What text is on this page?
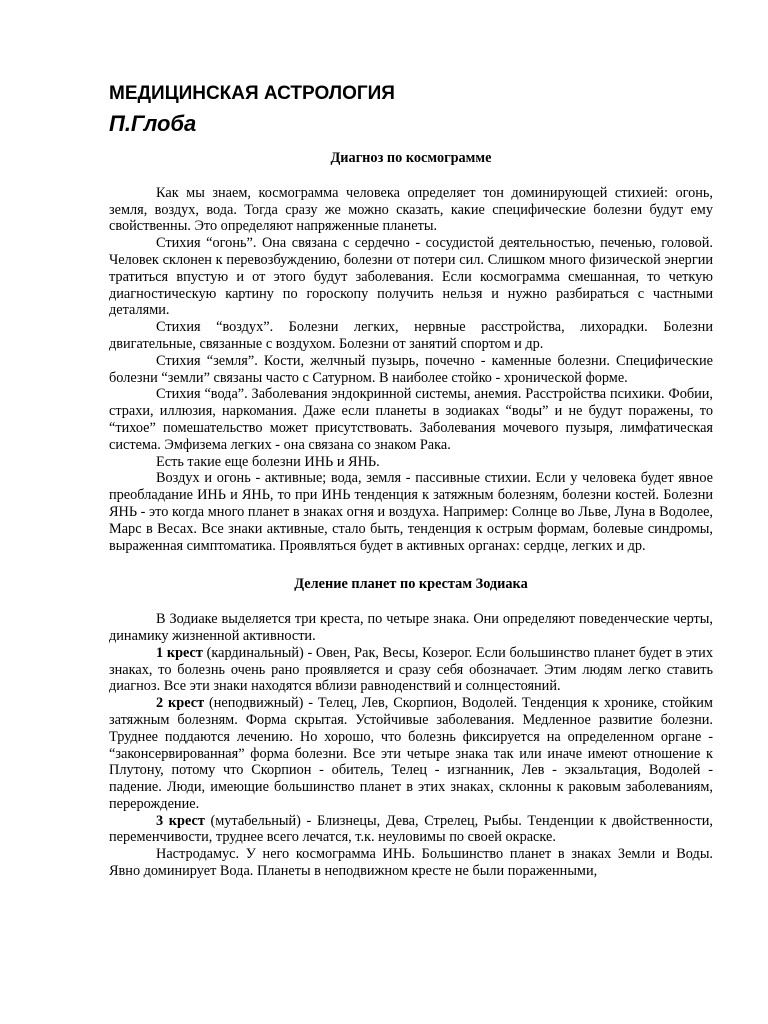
МЕДИЦИНСКАЯ АСТРОЛОГИЯ
П.Глоба

Диагноз по космограмме

Как мы знаем, космограмма человека определяет тон доминирующей стихией: огонь, земля, воздух, вода. Тогда сразу же можно сказать, какие специфические болезни будут ему свойственны. Это определяют напряженные планеты.

Стихия “огонь”. Она связана с сердечно - сосудистой деятельностью, печенью, головой. Человек склонен к перевозбуждению, болезни от потери сил. Слишком много физической энергии тратиться впустую и от этого будут заболевания. Если космограмма смешанная, то четкую диагностическую картину по гороскопу получить нельзя и нужно разбираться с частными деталями.

Стихия “воздух”. Болезни легких, нервные расстройства, лихорадки. Болезни двигательные, связанные с воздухом. Болезни от занятий спортом и др.

Стихия “земля”. Кости, желчный пузырь, почечно - каменные болезни. Специфические болезни “земли” связаны часто с Сатурном. В наиболее стойко - хронической форме.

Стихия “вода”. Заболевания эндокринной системы, анемия. Расстройства психики. Фобии, страхи, иллюзия, наркомания. Даже если планеты в зодиаках “воды” и не будут поражены, то “тихое” помешательство может присутствовать. Заболевания мочевого пузыря, лимфатическая система. Эмфизема легких - она связана со знаком Рака.

Есть такие еще болезни ИНЬ и ЯНЬ.

Воздух и огонь - активные; вода, земля - пассивные стихии. Если у человека будет явное преобладание ИНЬ и ЯНЬ, то при ИНЬ тенденция к затяжным болезням, болезни костей. Болезни ЯНЬ - это когда много планет в знаках огня и воздуха. Например: Солнце во Льве, Луна в Водолее, Марс в Весах. Все знаки активные, стало быть, тенденция к острым формам, болевые синдромы, выраженная симптоматика. Проявляться будет в активных органах: сердце, легких и др.

Деление планет по крестам Зодиака

В Зодиаке выделяется три креста, по четыре знака. Они определяют поведенческие черты, динамику жизненной активности.

1 крест (кардинальный) - Овен, Рак, Весы, Козерог. Если большинство планет будет в этих знаках, то болезнь очень рано проявляется и сразу себя обозначает. Этим людям легко ставить диагноз. Все эти знаки находятся вблизи равноденствий и солнцестояний.

2 крест (неподвижный) - Телец, Лев, Скорпион, Водолей. Тенденция к хронике, стойким затяжным болезням. Форма скрытая. Устойчивые заболевания. Медленное развитие болезни. Труднее поддаются лечению. Но хорошо, что болезнь фиксируется на определенном органе - “законсервированная” форма болезни. Все эти четыре знака так или иначе имеют отношение к Плутону, потому что Скорпион - обитель, Телец - изгнанник, Лев - экзальтация, Водолей - падение. Люди, имеющие большинство планет в этих знаках, склонны к раковым заболеваниям, перерождение.

3 крест (мутабельный) - Близнецы, Дева, Стрелец, Рыбы. Тенденции к двойственности, переменчивости, труднее всего лечатся, т.к. неуловимы по своей окраске.

Настродамус. У него космограмма ИНЬ. Большинство планет в знаках Земли и Воды. Явно доминирует Вода. Планеты в неподвижном кресте не были пораженными,
